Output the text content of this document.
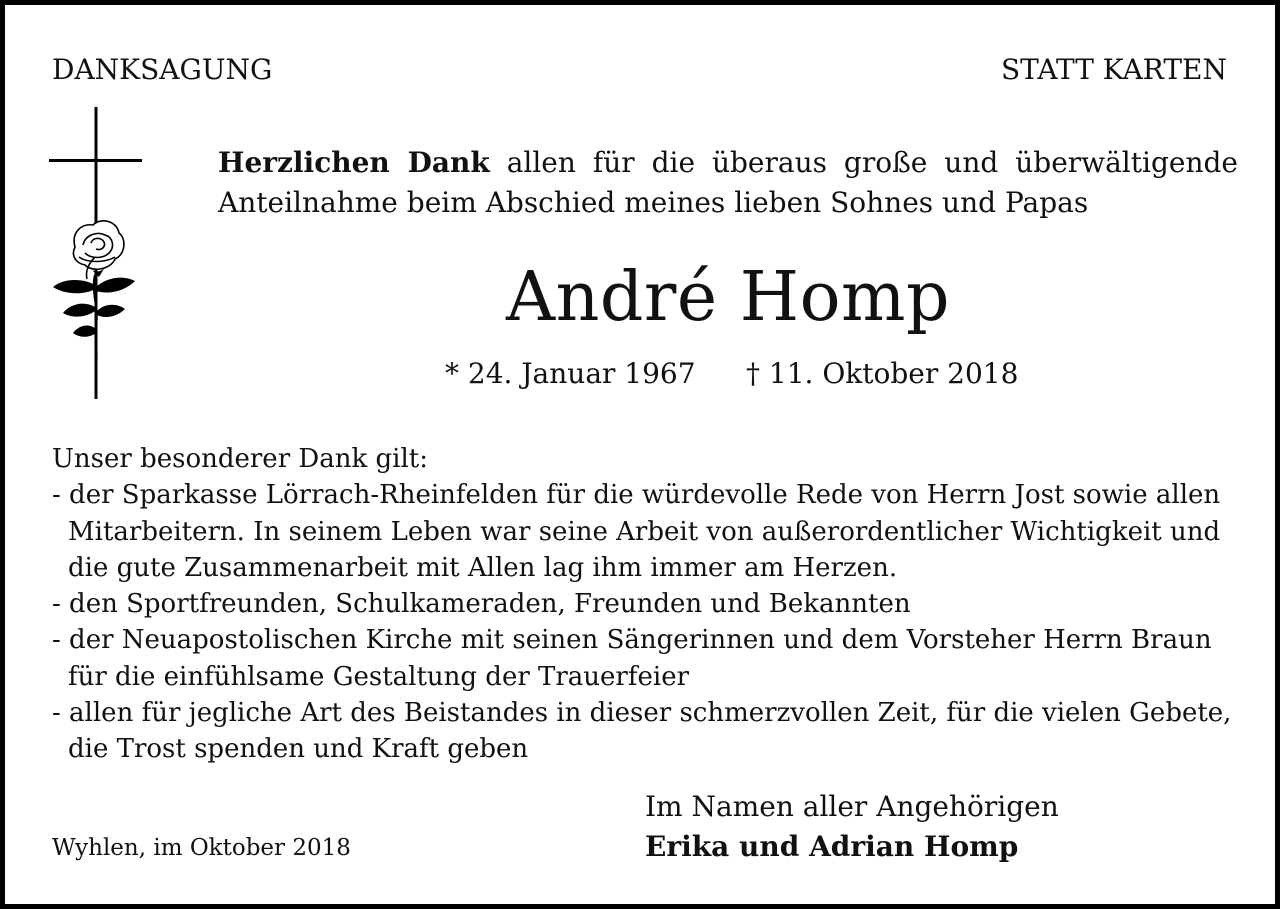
DANKSAGUNG	STATT KARTEN

Herzlichen Dank allen für die überaus große und überwältigende
Anteilnahme beim Abschied meines lieben Sohnes und Papas
André Homp

* 24. Januar 1967 † 11. Oktober 2018

Unser besonderer Dank gilt:

- der Sparkasse Lörrach-Rheinfelden für die würdevolle Rede von Herrn Jost sowie allen Mitarbeitern. In seinem Leben war seine Arbeit von außerordentlicher Wichtigkeit und die gute Zusammenarbeit mit Allen lag ihm immer am Herzen.

- den Sportfreunden, Schulkameraden, Freunden und Bekannten

- der Neuapostolischen Kirche mit seinen Sängerinnen und dem Vorsteher Herrn Braun für die einfühlsame Gestaltung der Trauerfeier

- allen für jegliche Art des Beistandes in dieser schmerzvollen Zeit, für die vielen Gebete, die Trost spenden und Kraft geben

Im Namen aller Angehörigen
Erika und Adrian Homp

Wyhlen, im Oktober 2018
